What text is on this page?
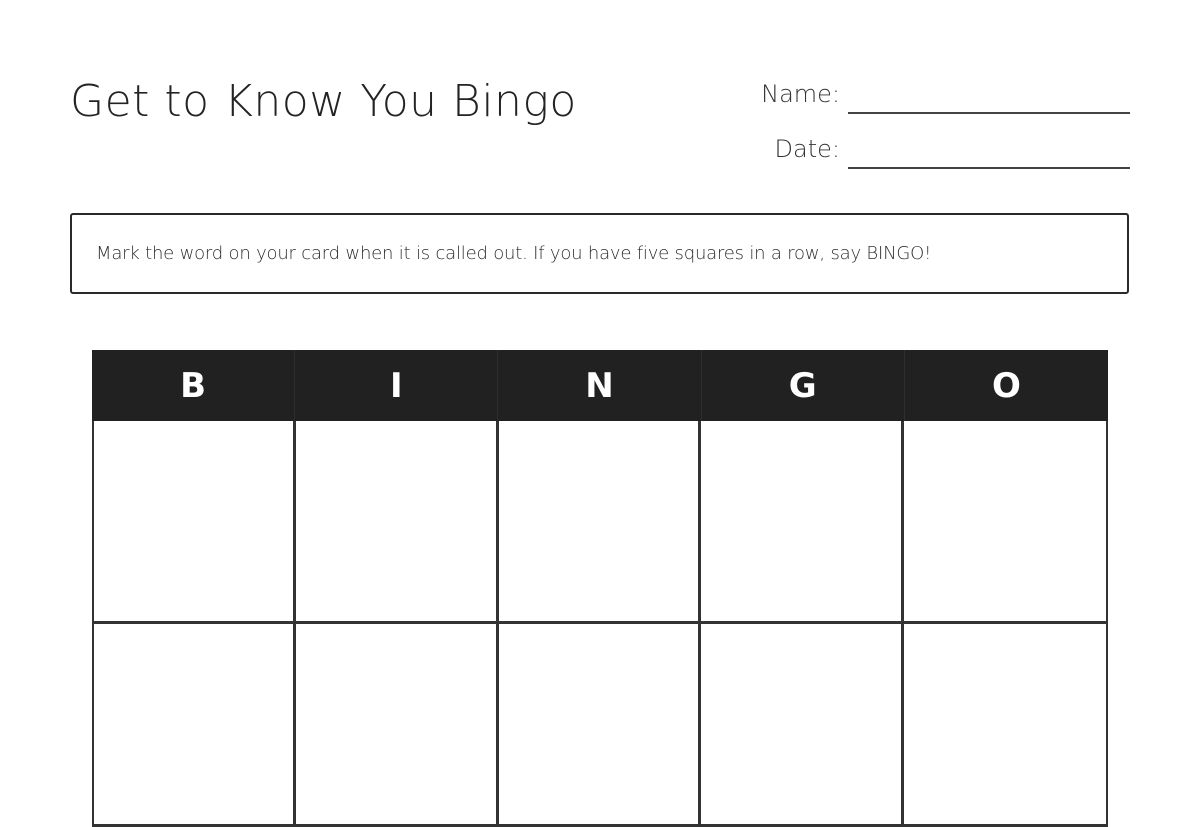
Get to Know You Bingo	Name:
Date:
Mark the word on your card when it is called out. If you have five squares in a row, say BINGO!
B	I	N	G	O
